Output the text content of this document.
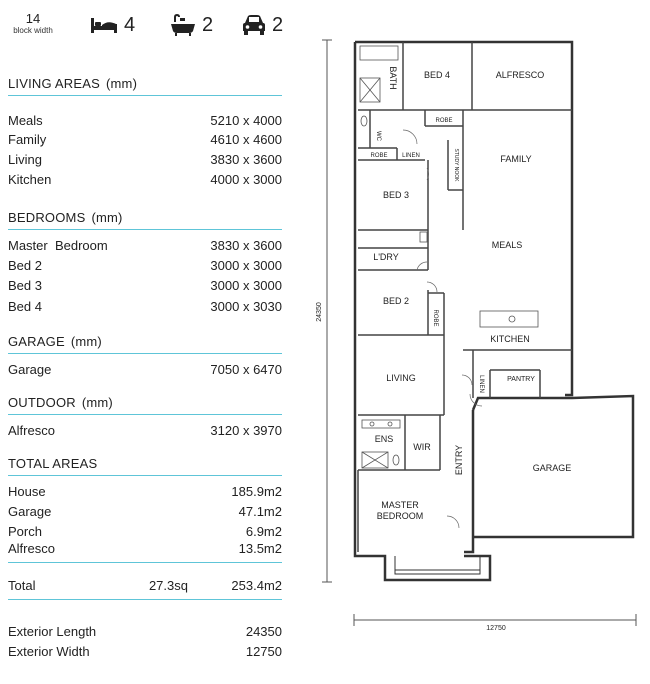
14
block width	4	2	2
LIVING AREAS (mm)
Meals	5210 x 4000
Family	4610 x 4600
Living	3830 x 3600
Kitchen	4000 x 3000
BEDROOMS (mm)
Master  Bedroom	3830 x 3600
Bed 2	3000 x 3000
Bed 3	3000 x 3000
Bed 4	3000 x 3030
GARAGE (mm)
Garage	7050 x 6470
OUTDOOR (mm)
Alfresco	3120 x 3970
TOTAL AREAS
House	185.9m2
Garage	47.1m2
Porch	6.9m2
Alfresco	13.5m2
Total	27.3sq	253.4m2
Exterior Length	24350
Exterior Width	12750
BATH	BED 4	ALFRESCO
ROBE
WC
ROBE LINEN	STUDY NOOK	FAMILY
BED 3
MEALS
L'DRY
BED 2
ROBE
KITCHEN
LIVING	LINEN	PANTRY
ENS
WIR	ENTRY	GARAGE
MASTER
BEDROOM
24350
12750
